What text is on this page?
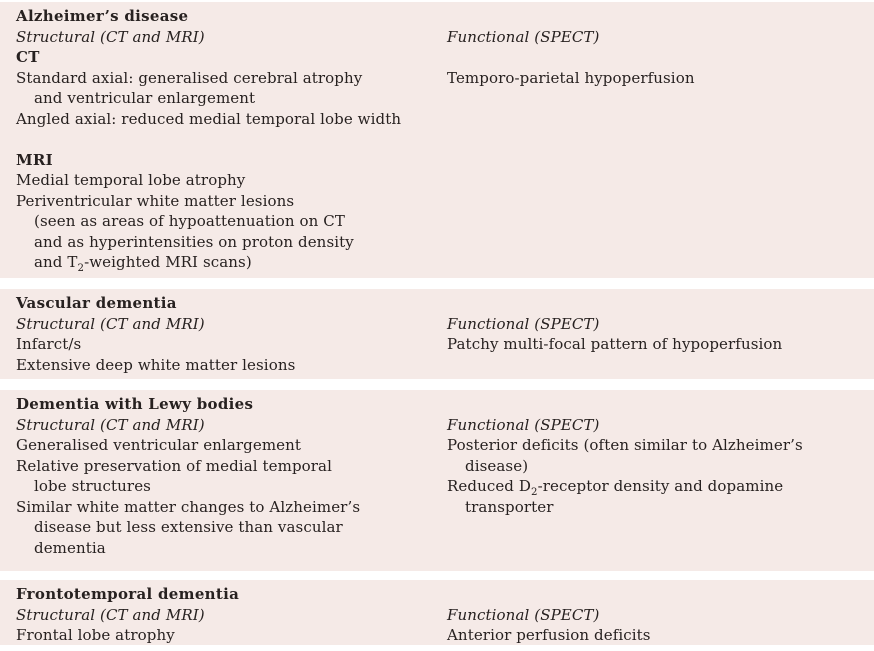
Alzheimer’s disease
Structural (CT and MRI)
CT
Standard axial: generalised cerebral atrophy
and ventricular enlargement
Angled axial: reduced medial temporal lobe width
MRI
Medial temporal lobe atrophy
Periventricular white matter lesions
(seen as areas of hypoattenuation on CT
and as hyperintensities on proton density
and $T_2$-weighted MRI scans)
Functional (SPECT)
Temporo-parietal hypoperfusion
Vascular dementia
Structural (CT and MRI)
Infarct/s
Extensive deep white matter lesions
Functional (SPECT)
Patchy multi-focal pattern of hypoperfusion
Dementia with Lewy bodies
Structural (CT and MRI)
Generalised ventricular enlargement
Relative preservation of medial temporal
lobe structures
Similar white matter changes to Alzheimer’s
disease but less extensive than vascular
dementia
Functional (SPECT)
Posterior deficits (often similar to Alzheimer’s
disease)
Reduced $D_2$-receptor density and dopamine
transporter
Frontotemporal dementia
Structural (CT and MRI)
Frontal lobe atrophy
Functional (SPECT)
Anterior perfusion deficits
